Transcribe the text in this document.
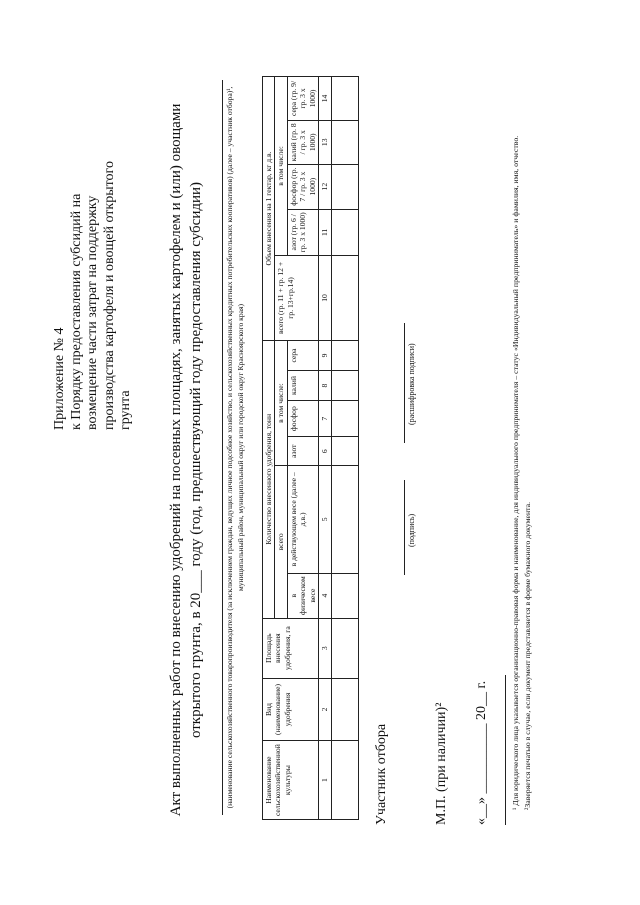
Приложение № 4 к Порядку предоставления субсидий на возмещение части затрат на поддержку производства картофеля и овощей открытого грунта Акт выполненных работ по внесению удобрений на посевных площадях, занятых картофелем и (или) овощами открытого грунта, в 20___ году (год, предшествующий году предоставления субсидии)	(наименование сельскохозяйственного товаропроизводителя (за исключением граждан, ведущих личное подсобное хозяйство, и сельскохозяйственных кредитных потребительских кооперативов) (далее – участник отбора)¹, муниципальный район, муниципальный округ или городской округ Красноярского края)
Наименование сельскохозяйственной культуры	Вид (наименование) удобрения	Площадь внесения удобрения, га	Количество внесенного удобрения, тонн						Объем внесения на 1 гектар, кг д.в.				
			всего		в том числе:				всего (гр. 11 + гр. 12 + гр. 13+гр.14)	в том числе:			
			в физическом весе	в действующем весе (далее – д.в.)	азот	фосфор	калий	сера		азот (гр. 6 / гр. 3 х 1000)	фосфор (гр. 7 / гр. 3 х 1000)	калий (гр. 8 / гр. 3 х 1000)	сера (гр. 9/ гр. 3 х 1000)
1	2	3	4	5	6	7	8	9	10	11	12	13	14

Участник отбора
(подпись)
(расшифровка подписи)
М.П. (при наличии)² «__» __________ 20__ г.	¹ Для юридического лица указывается организационно-правовая форма и наименование, для индивидуального предпринимателя – статус «Индивидуальный предприниматель» и фамилия, имя, отчество. ²Заверяется печатью в случае, если документ представляется в форме бумажного документа.
